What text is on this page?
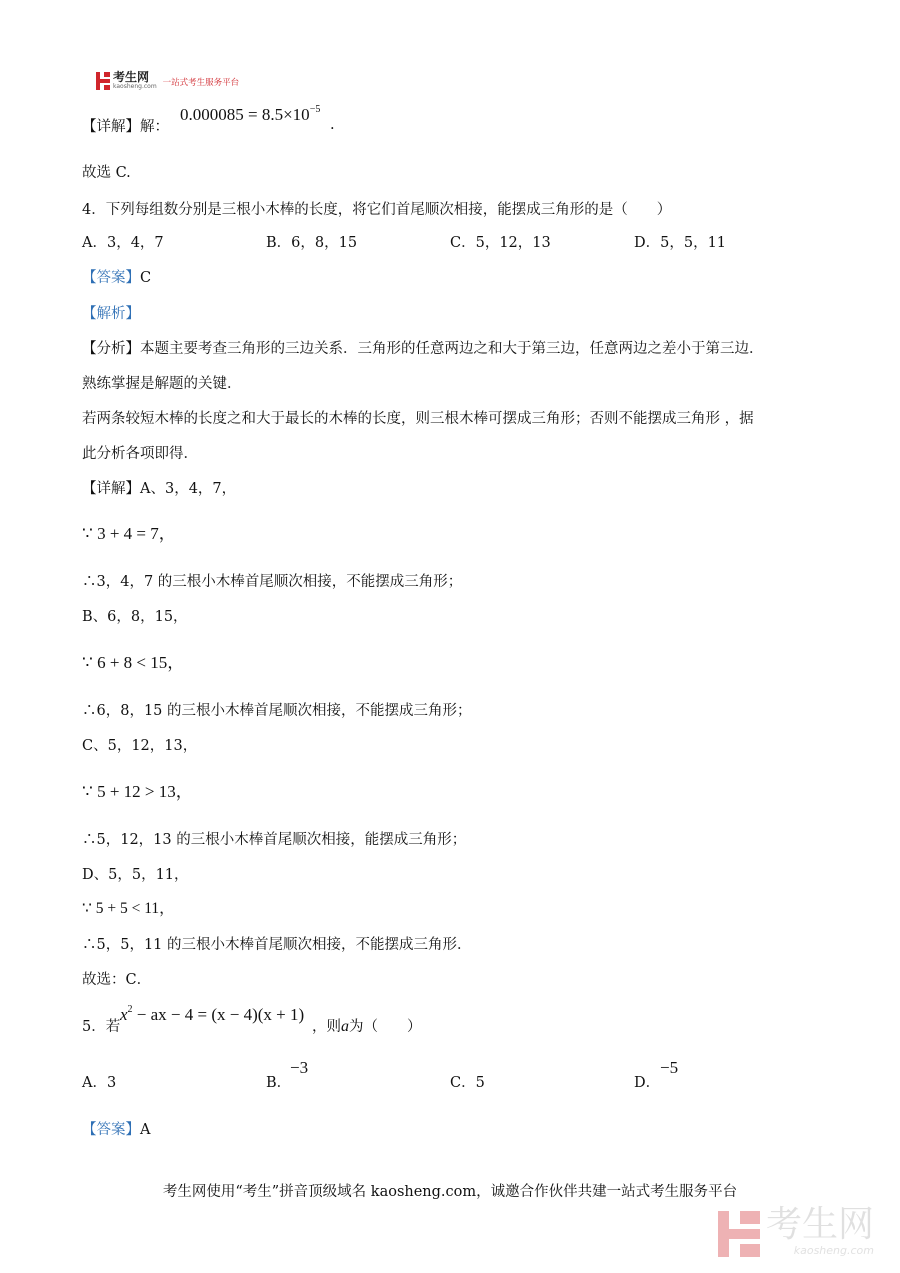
考生网
kaosheng.com 一站式考生服务平台
【详解】解：
$0.000085 = 8.5\times 10^{-5}$
.
故选 C.
4．下列每组数分别是三根小木棒的长度，将它们首尾顺次相接，能摆成三角形的是（　　）
A．3，4，7	B．6，8，15	C．5，12，13	D．5，5，11
【答案】C
【解析】
【分析】本题主要考查三角形的三边关系．三角形的任意两边之和大于第三边，任意两边之差小于第三边．
熟练掌握是解题的关键．
若两条较短木棒的长度之和大于最长的木棒的长度，则三根木棒可摆成三角形；否则不能摆成三角形 ，据
此分析各项即得．
【详解】A、3，4，7，
∵ 3 + 4 = 7，
∴3，4，7 的三根小木棒首尾顺次相接，不能摆成三角形；
B、6，8，15，
∵ 6 + 8 < 15，
∴6，8，15 的三根小木棒首尾顺次相接，不能摆成三角形；
C、5，12，13，
∵ 5 + 12 > 13，
∴5，12，13 的三根小木棒首尾顺次相接，能摆成三角形；
D、5，5，11，
∵ 5 + 5 < 11，
∴5，5，11 的三根小木棒首尾顺次相接，不能摆成三角形．
故选：C．
5．若
$x^2$ − ax − 4 = (x − 4)(x + 1)
，则a为（　　）
A．3	B．
−3
C．5	D．
−5
【答案】A
考生网使用“考生”拼音顶级域名 kaosheng.com，诚邀合作伙伴共建一站式考生服务平台
考生网
kaosheng.com
